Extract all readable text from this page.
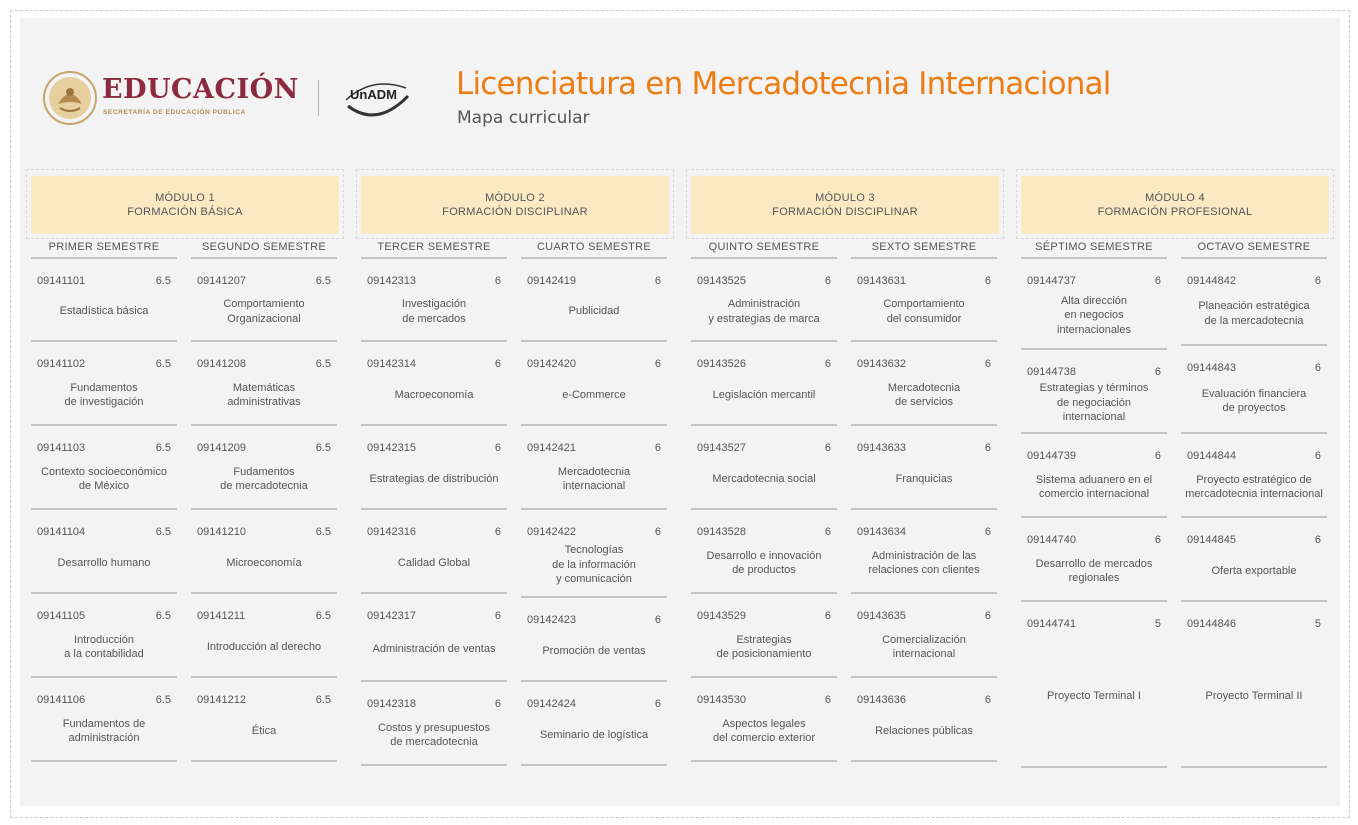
EDUCACIÓN
SECRETARÍA DE EDUCACIÓN PÚBLICA
UnADM Licenciatura en Mercadotecnia Internacional
Mapa curricular
MÓDULO 1
FORMACIÓN BÁSICA
MÓDULO 2
FORMACIÓN DISCIPLINAR
MÓDULO 3
FORMACIÓN DISCIPLINAR
MÓDULO 4
FORMACIÓN PROFESIONAL
PRIMER SEMESTRE
09141101	6.5
Estadística básica
09141102	6.5
Fundamentos
de investigación
09141103	6.5
Contexto socioeconómico
de México
09141104	6.5
Desarrollo humano
09141105	6.5
Introducción
a la contabilidad
09141106	6.5
Fundamentos de
administración
SEGUNDO SEMESTRE
09141207	6.5
Comportamiento
Organizacional
09141208	6.5
Matemáticas
administrativas
09141209	6.5
Fudamentos
de mercadotecnia
09141210	6.5
Microeconomía
09141211	6.5
Introducción al derecho
09141212	6.5
Ética
TERCER SEMESTRE
09142313	6
Investigación
de mercados
09142314	6
Macroeconomía
09142315	6
Estrategias de distribución
09142316	6
Calidad Global
09142317	6
Administración de ventas
09142318	6
Costos y presupuestos
de mercadotecnia
CUARTO SEMESTRE
09142419	6
Publicidad
09142420	6
e-Commerce
09142421	6
Mercadotecnia
internacional
09142422	6
Tecnologías
de la información
y comunicación
09142423	6
Promoción de ventas
09142424	6
Seminario de logística
QUINTO SEMESTRE
09143525	6
Administración
y estrategias de marca
09143526	6
Legislación mercantil
09143527	6
Mercadotecnia social
09143528	6
Desarrollo e innovación
de productos
09143529	6
Estrategias
de posicionamiento
09143530	6
Aspectos legales
del comercio exterior
SEXTO SEMESTRE
09143631	6
Comportamiento
del consumidor
09143632	6
Mercadotecnia
de servicios
09143633	6
Franquicias
09143634	6
Administración de las
relaciones con clientes
09143635	6
Comercialización
internacional
09143636	6
Relaciones públicas
SÉPTIMO SEMESTRE
09144737	6
Alta dirección
en negocios
internacionales
09144738	6
Estrategias y términos
de negociación
internacional
09144739	6
Sistema aduanero en el
comercio internacional
09144740	6
Desarrollo de mercados
regionales
09144741	5
Proyecto Terminal I
OCTAVO SEMESTRE
09144842	6
Planeación estratégica
de la mercadotecnia
09144843	6
Evaluación financiera
de proyectos
09144844	6
Proyecto estratégico de
mercadotecnia internacional
09144845	6
Oferta exportable
09144846	5
Proyecto Terminal II
